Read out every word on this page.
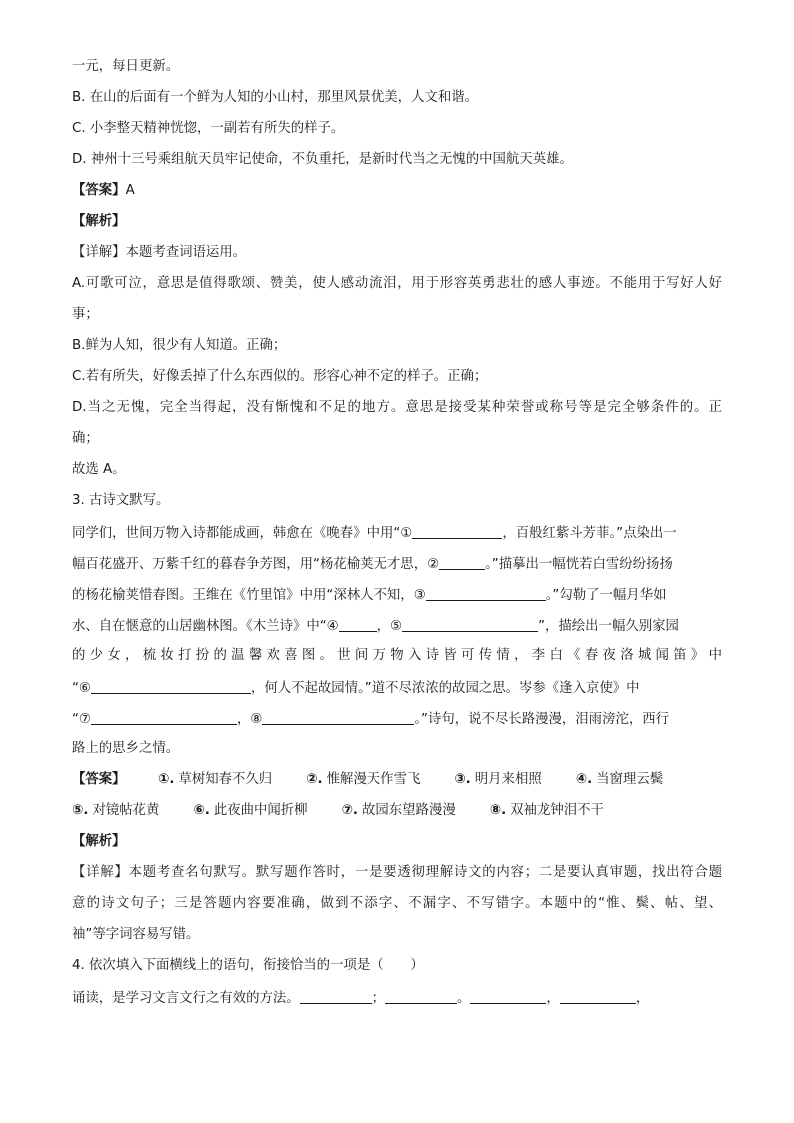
一元，每日更新。
B. 在山的后面有一个鲜为人知的小山村，那里风景优美，人文和谐。
C. 小李整天精神恍惚，一副若有所失的样子。
D. 神州十三号乘组航天员牢记使命，不负重托，是新时代当之无愧的中国航天英雄。
【答案】A
【解析】
【详解】本题考查词语运用。
A.可歌可泣，意思是值得歌颂、赞美，使人感动流泪，用于形容英勇悲壮的感人事迹。不能用于写好人好
事；
B.鲜为人知，很少有人知道。正确；
C.若有所失，好像丢掉了什么东西似的。形容心神不定的样子。正确；
D.当之无愧，完全当得起，没有惭愧和不足的地方。意思是接受某种荣誉或称号等是完全够条件的。正
确；
故选 A。
3. 古诗文默写。
同学们，世间万物入诗都能成画，韩愈在《晚春》中用“①	，百般红紫斗芳菲。”点染出一
幅百花盛开、万紫千红的暮春争芳图，用“杨花榆荚无才思，②	。”描摹出一幅恍若白雪纷纷扬扬
的杨花榆荚惜春图。王维在《竹里馆》中用“深林人不知，③	。”勾勒了一幅月华如
水、自在惬意的山居幽林图。《木兰诗》中“④	，⑤	”，描绘出一幅久别家园
的少女，梳妆打扮的温馨欢喜图。世间万物入诗皆可传情，李白《春夜洛城闻笛》中
“⑥	，何人不起故园情。”道不尽浓浓的故园之思。岑参《逢入京使》中
“⑦	，⑧	。”诗句，说不尽长路漫漫，泪雨滂沱，西行
路上的思乡之情。
【答案】	①. 草树知春不久归	②. 惟解漫天作雪飞	③. 明月来相照	④. 当窗理云鬓
⑤. 对镜帖花黄	⑥. 此夜曲中闻折柳	⑦. 故园东望路漫漫	⑧. 双袖龙钟泪不干
【解析】
【详解】本题考查名句默写。默写题作答时，一是要透彻理解诗文的内容；二是要认真审题，找出符合题
意的诗文句子；三是答题内容要准确，做到不添字、不漏字、不写错字。本题中的“惟、鬓、帖、望、
袖”等字词容易写错。
4. 依次填入下面横线上的语句，衔接恰当的一项是（　　）
诵读，是学习文言文行之有效的方法。	；	。	，	，
